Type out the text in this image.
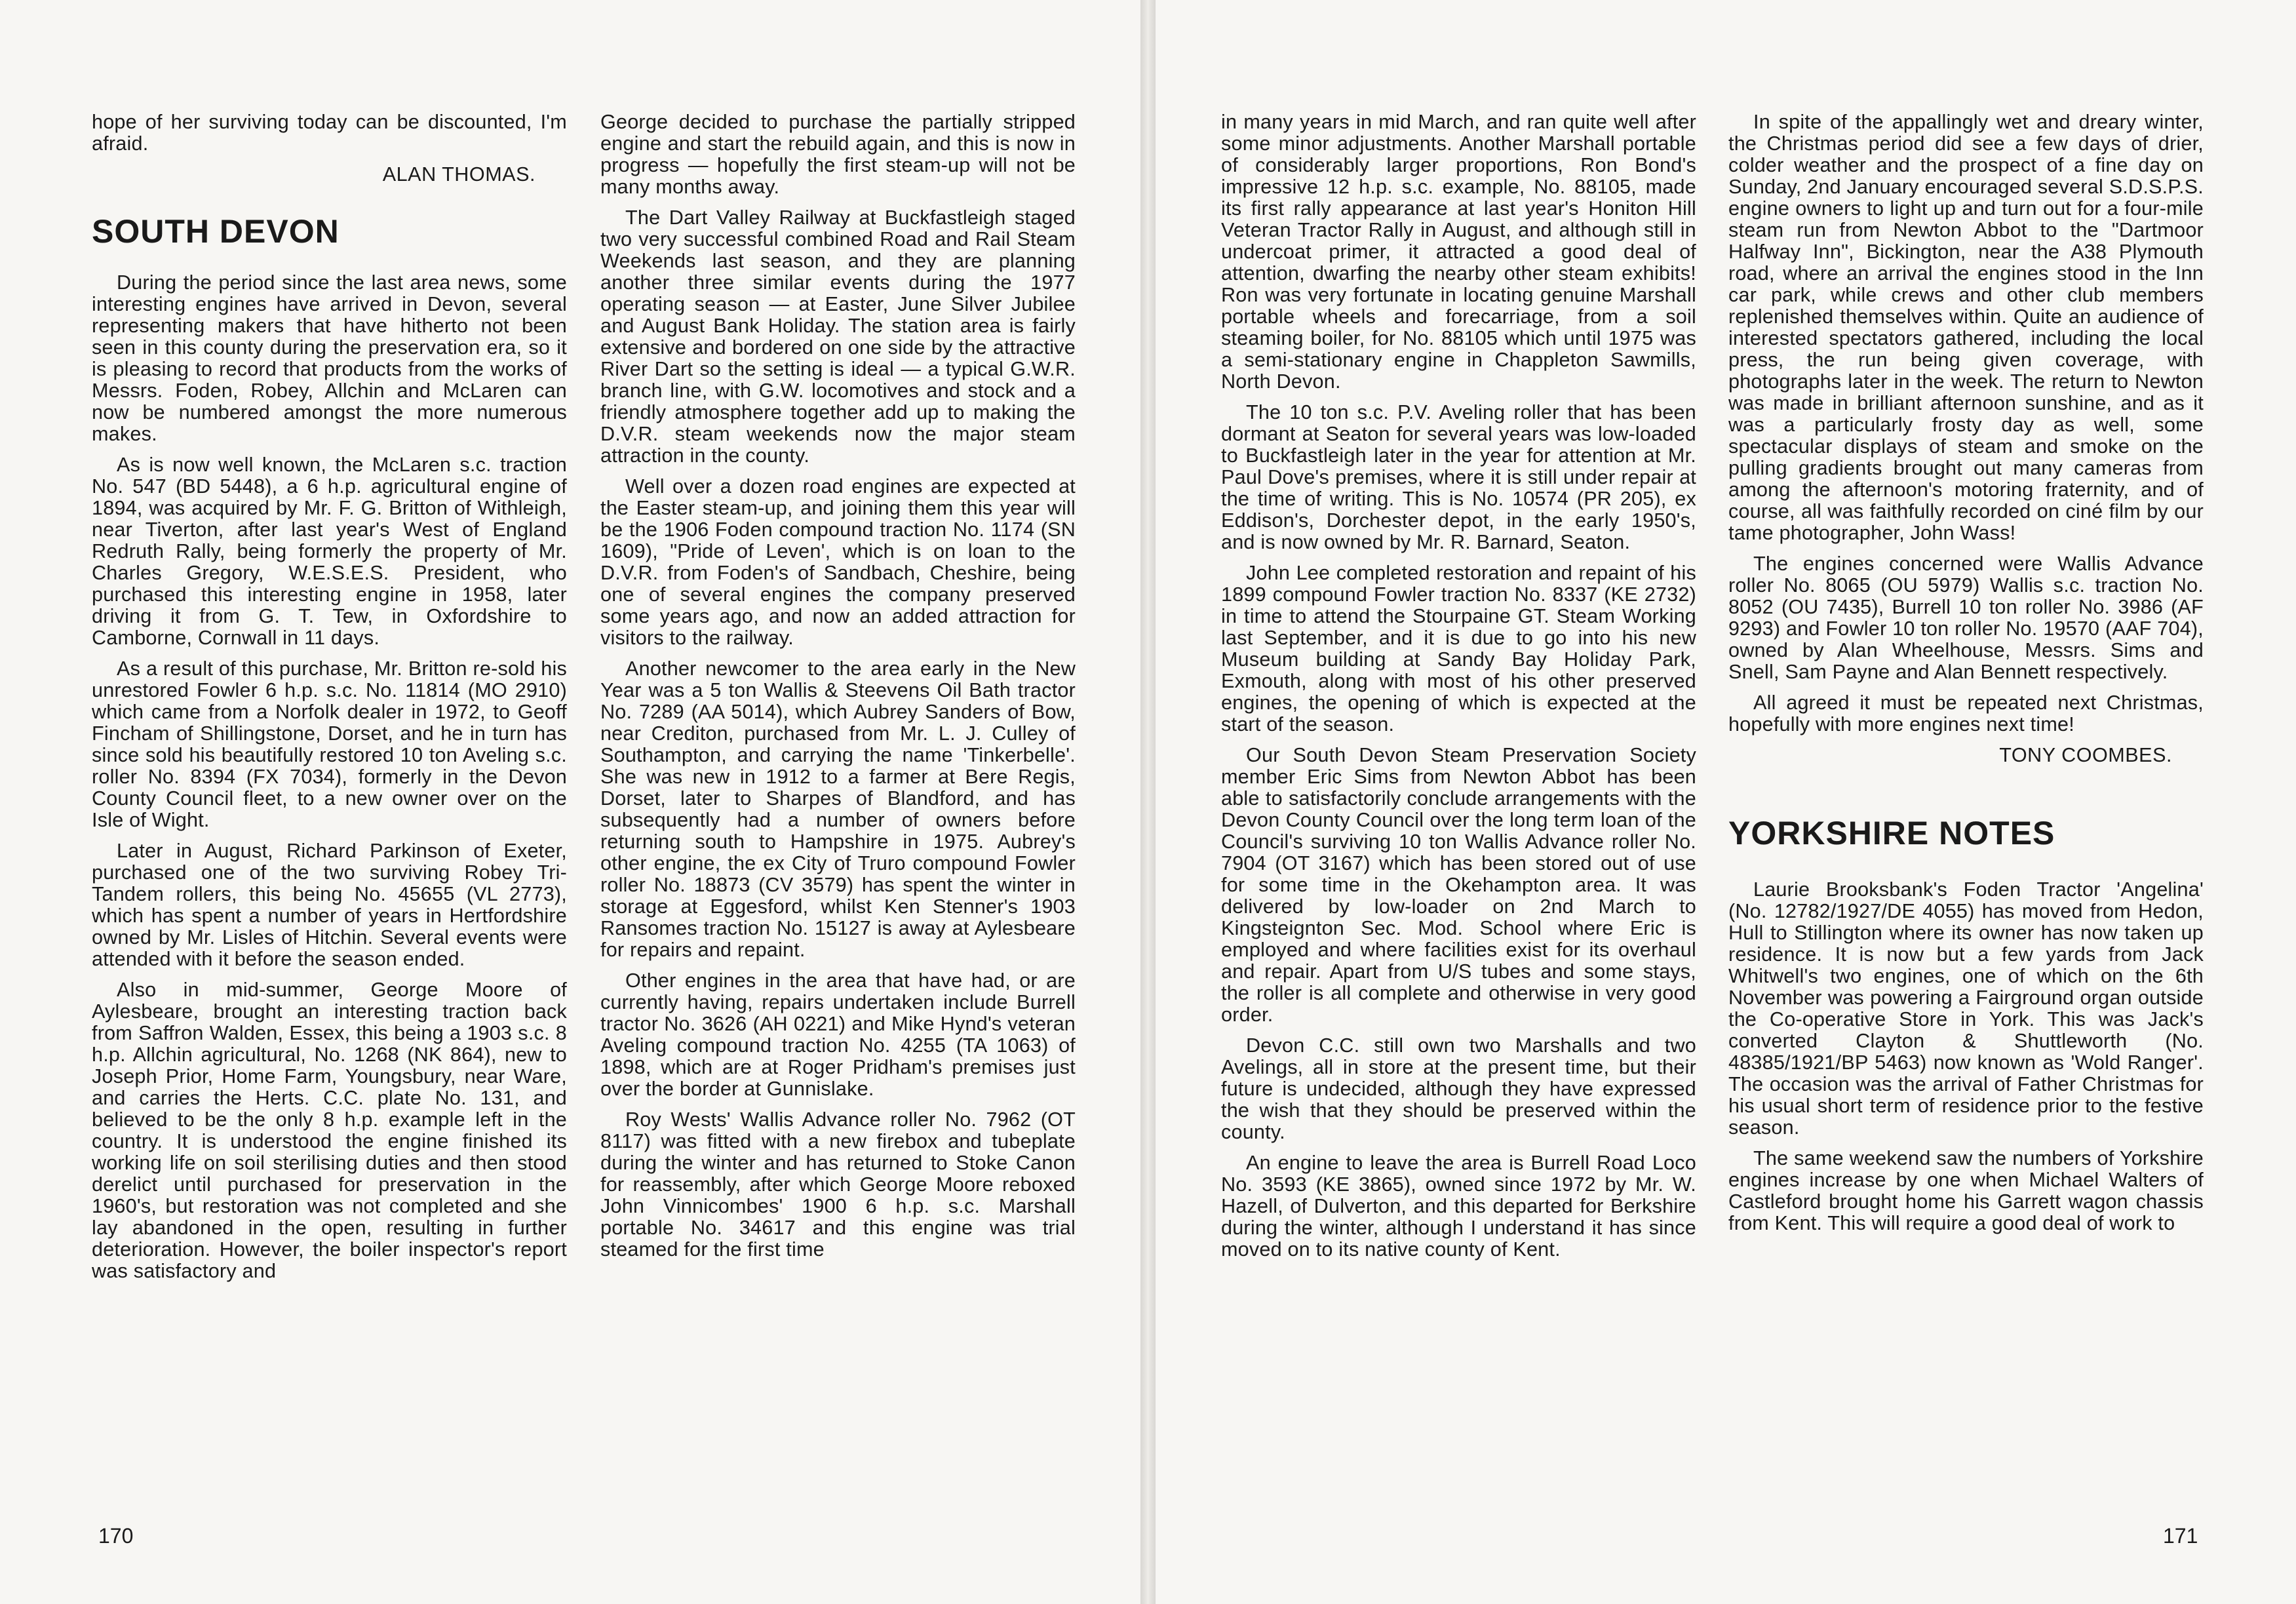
hope of her surviving today can be discounted, I'm afraid.

ALAN THOMAS.
SOUTH DEVON

During the period since the last area news, some interesting engines have arrived in Devon, several representing makers that have hitherto not been seen in this county during the preservation era, so it is pleasing to record that products from the works of Messrs. Foden, Robey, Allchin and McLaren can now be numbered amongst the more numerous makes.

As is now well known, the McLaren s.c. traction No. 547 (BD 5448), a 6 h.p. agricultural engine of 1894, was acquired by Mr. F. G. Britton of Withleigh, near Tiverton, after last year's West of England Redruth Rally, being formerly the property of Mr. Charles Gregory, W.E.S.E.S. President, who purchased this interesting engine in 1958, later driving it from G. T. Tew, in Oxfordshire to Camborne, Cornwall in 11 days.

As a result of this purchase, Mr. Britton re-sold his unrestored Fowler 6 h.p. s.c. No. 11814 (MO 2910) which came from a Norfolk dealer in 1972, to Geoff Fincham of Shillingstone, Dorset, and he in turn has since sold his beautifully restored 10 ton Aveling s.c. roller No. 8394 (FX 7034), formerly in the Devon County Council fleet, to a new owner over on the Isle of Wight.

Later in August, Richard Parkinson of Exeter, purchased one of the two surviving Robey Tri-Tandem rollers, this being No. 45655 (VL 2773), which has spent a number of years in Hertfordshire owned by Mr. Lisles of Hitchin. Several events were attended with it before the season ended.

Also in mid-summer, George Moore of Aylesbeare, brought an interesting traction back from Saffron Walden, Essex, this being a 1903 s.c. 8 h.p. Allchin agricultural, No. 1268 (NK 864), new to Joseph Prior, Home Farm, Youngsbury, near Ware, and carries the Herts. C.C. plate No. 131, and believed to be the only 8 h.p. example left in the country. It is understood the engine finished its working life on soil sterilising duties and then stood derelict until purchased for preservation in the 1960's, but restoration was not completed and she lay abandoned in the open, resulting in further deterioration. However, the boiler inspector's report was satisfactory and

George decided to purchase the partially stripped engine and start the rebuild again, and this is now in progress — hopefully the first steam-up will not be many months away.

The Dart Valley Railway at Buckfastleigh staged two very successful combined Road and Rail Steam Weekends last season, and they are planning another three similar events during the 1977 operating season — at Easter, June Silver Jubilee and August Bank Holiday. The station area is fairly extensive and bordered on one side by the attractive River Dart so the setting is ideal — a typical G.W.R. branch line, with G.W. locomotives and stock and a friendly atmosphere together add up to making the D.V.R. steam weekends now the major steam attraction in the county.

Well over a dozen road engines are expected at the Easter steam-up, and joining them this year will be the 1906 Foden compound traction No. 1174 (SN 1609), "Pride of Leven', which is on loan to the D.V.R. from Foden's of Sandbach, Cheshire, being one of several engines the company preserved some years ago, and now an added attraction for visitors to the railway.

Another newcomer to the area early in the New Year was a 5 ton Wallis & Steevens Oil Bath tractor No. 7289 (AA 5014), which Aubrey Sanders of Bow, near Crediton, purchased from Mr. L. J. Culley of Southampton, and carrying the name 'Tinkerbelle'. She was new in 1912 to a farmer at Bere Regis, Dorset, later to Sharpes of Blandford, and has subsequently had a number of owners before returning south to Hampshire in 1975. Aubrey's other engine, the ex City of Truro compound Fowler roller No. 18873 (CV 3579) has spent the winter in storage at Eggesford, whilst Ken Stenner's 1903 Ransomes traction No. 15127 is away at Aylesbeare for repairs and repaint.

Other engines in the area that have had, or are currently having, repairs undertaken include Burrell tractor No. 3626 (AH 0221) and Mike Hynd's veteran Aveling compound traction No. 4255 (TA 1063) of 1898, which are at Roger Pridham's premises just over the border at Gunnislake.

Roy Wests' Wallis Advance roller No. 7962 (OT 8117) was fitted with a new firebox and tubeplate during the winter and has returned to Stoke Canon for reassembly, after which George Moore reboxed John Vinnicombes' 1900 6 h.p. s.c. Marshall portable No. 34617 and this engine was trial steamed for the first time

170

in many years in mid March, and ran quite well after some minor adjustments. Another Marshall portable of considerably larger proportions, Ron Bond's impressive 12 h.p. s.c. example, No. 88105, made its first rally appearance at last year's Honiton Hill Veteran Tractor Rally in August, and although still in undercoat primer, it attracted a good deal of attention, dwarfing the nearby other steam exhibits! Ron was very fortunate in locating genuine Marshall portable wheels and forecarriage, from a soil steaming boiler, for No. 88105 which until 1975 was a semi-stationary engine in Chappleton Sawmills, North Devon.

The 10 ton s.c. P.V. Aveling roller that has been dormant at Seaton for several years was low-loaded to Buckfastleigh later in the year for attention at Mr. Paul Dove's premises, where it is still under repair at the time of writing. This is No. 10574 (PR 205), ex Eddison's, Dorchester depot, in the early 1950's, and is now owned by Mr. R. Barnard, Seaton.

John Lee completed restoration and repaint of his 1899 compound Fowler traction No. 8337 (KE 2732) in time to attend the Stourpaine GT. Steam Working last September, and it is due to go into his new Museum building at Sandy Bay Holiday Park, Exmouth, along with most of his other preserved engines, the opening of which is expected at the start of the season.

Our South Devon Steam Preservation Society member Eric Sims from Newton Abbot has been able to satisfactorily conclude arrangements with the Devon County Council over the long term loan of the Council's surviving 10 ton Wallis Advance roller No. 7904 (OT 3167) which has been stored out of use for some time in the Okehampton area. It was delivered by low-loader on 2nd March to Kingsteignton Sec. Mod. School where Eric is employed and where facilities exist for its overhaul and repair. Apart from U/S tubes and some stays, the roller is all complete and otherwise in very good order.

Devon C.C. still own two Marshalls and two Avelings, all in store at the present time, but their future is undecided, although they have expressed the wish that they should be preserved within the county.

An engine to leave the area is Burrell Road Loco No. 3593 (KE 3865), owned since 1972 by Mr. W. Hazell, of Dulverton, and this departed for Berkshire during the winter, although I understand it has since moved on to its native county of Kent.

In spite of the appallingly wet and dreary winter, the Christmas period did see a few days of drier, colder weather and the prospect of a fine day on Sunday, 2nd January encouraged several S.D.S.P.S. engine owners to light up and turn out for a four-mile steam run from Newton Abbot to the "Dartmoor Halfway Inn", Bickington, near the A38 Plymouth road, where an arrival the engines stood in the Inn car park, while crews and other club members replenished themselves within. Quite an audience of interested spectators gathered, including the local press, the run being given coverage, with photographs later in the week. The return to Newton was made in brilliant afternoon sunshine, and as it was a particularly frosty day as well, some spectacular displays of steam and smoke on the pulling gradients brought out many cameras from among the afternoon's motoring fraternity, and of course, all was faithfully recorded on ciné film by our tame photographer, John Wass!

The engines concerned were Wallis Advance roller No. 8065 (OU 5979) Wallis s.c. traction No. 8052 (OU 7435), Burrell 10 ton roller No. 3986 (AF 9293) and Fowler 10 ton roller No. 19570 (AAF 704), owned by Alan Wheelhouse, Messrs. Sims and Snell, Sam Payne and Alan Bennett respectively.

All agreed it must be repeated next Christmas, hopefully with more engines next time!

TONY COOMBES.
YORKSHIRE NOTES

Laurie Brooksbank's Foden Tractor 'Angelina' (No. 12782/1927/DE 4055) has moved from Hedon, Hull to Stillington where its owner has now taken up residence. It is now but a few yards from Jack Whitwell's two engines, one of which on the 6th November was powering a Fairground organ outside the Co-operative Store in York. This was Jack's converted Clayton & Shuttleworth (No. 48385/1921/BP 5463) now known as 'Wold Ranger'. The occasion was the arrival of Father Christmas for his usual short term of residence prior to the festive season.

The same weekend saw the numbers of Yorkshire engines increase by one when Michael Walters of Castleford brought home his Garrett wagon chassis from Kent. This will require a good deal of work to

171
